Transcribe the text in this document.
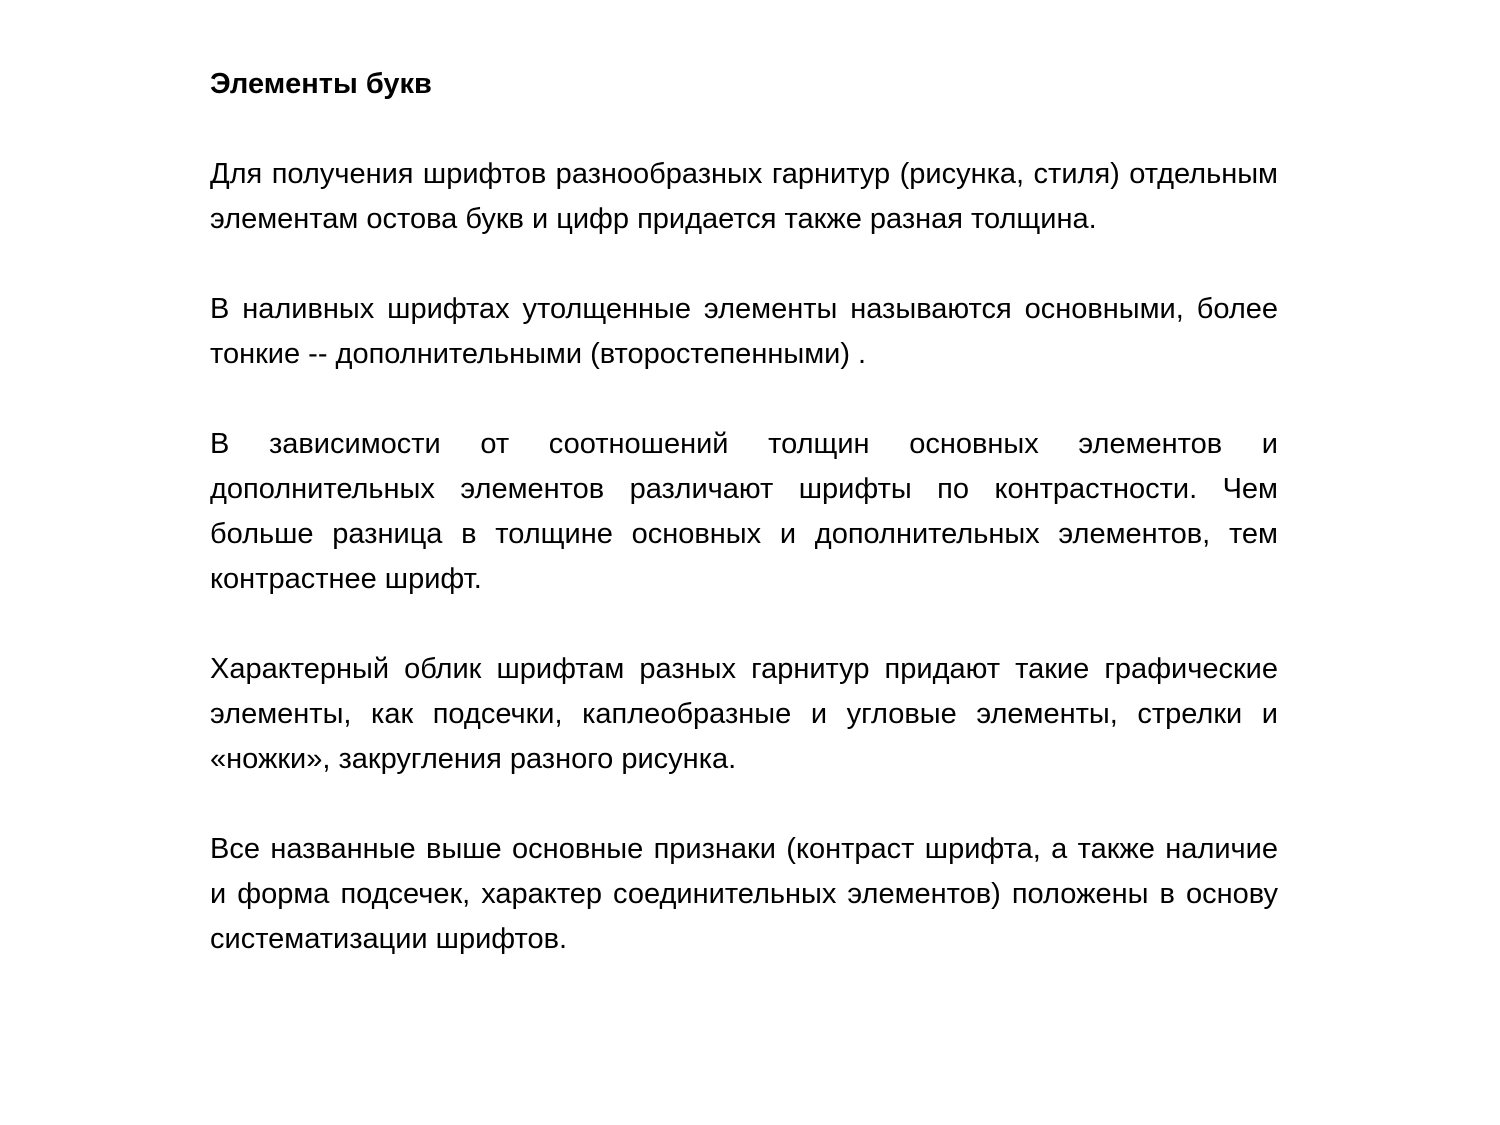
Элементы букв

Для получения шрифтов разнообразных гарнитур (рисунка, стиля) отдельным элементам остова букв и цифр придается также разная толщина.

В наливных шрифтах утолщенные элементы называются основными, более тонкие -- дополнительными (второстепенными) .

В зависимости от соотношений толщин основных элементов и дополнительных элементов различают шрифты по контрастности. Чем больше разница в толщине основных и дополнительных элементов, тем контрастнее шрифт.

Характерный облик шрифтам разных гарнитур придают такие графические элементы, как подсечки, каплеобразные и угловые элементы, стрелки и «ножки», закругления разного рисунка.

Все названные выше основные признаки (контраст шрифта, а также наличие и форма подсечек, характер соединительных элементов) положены в основу систематизации шрифтов.
